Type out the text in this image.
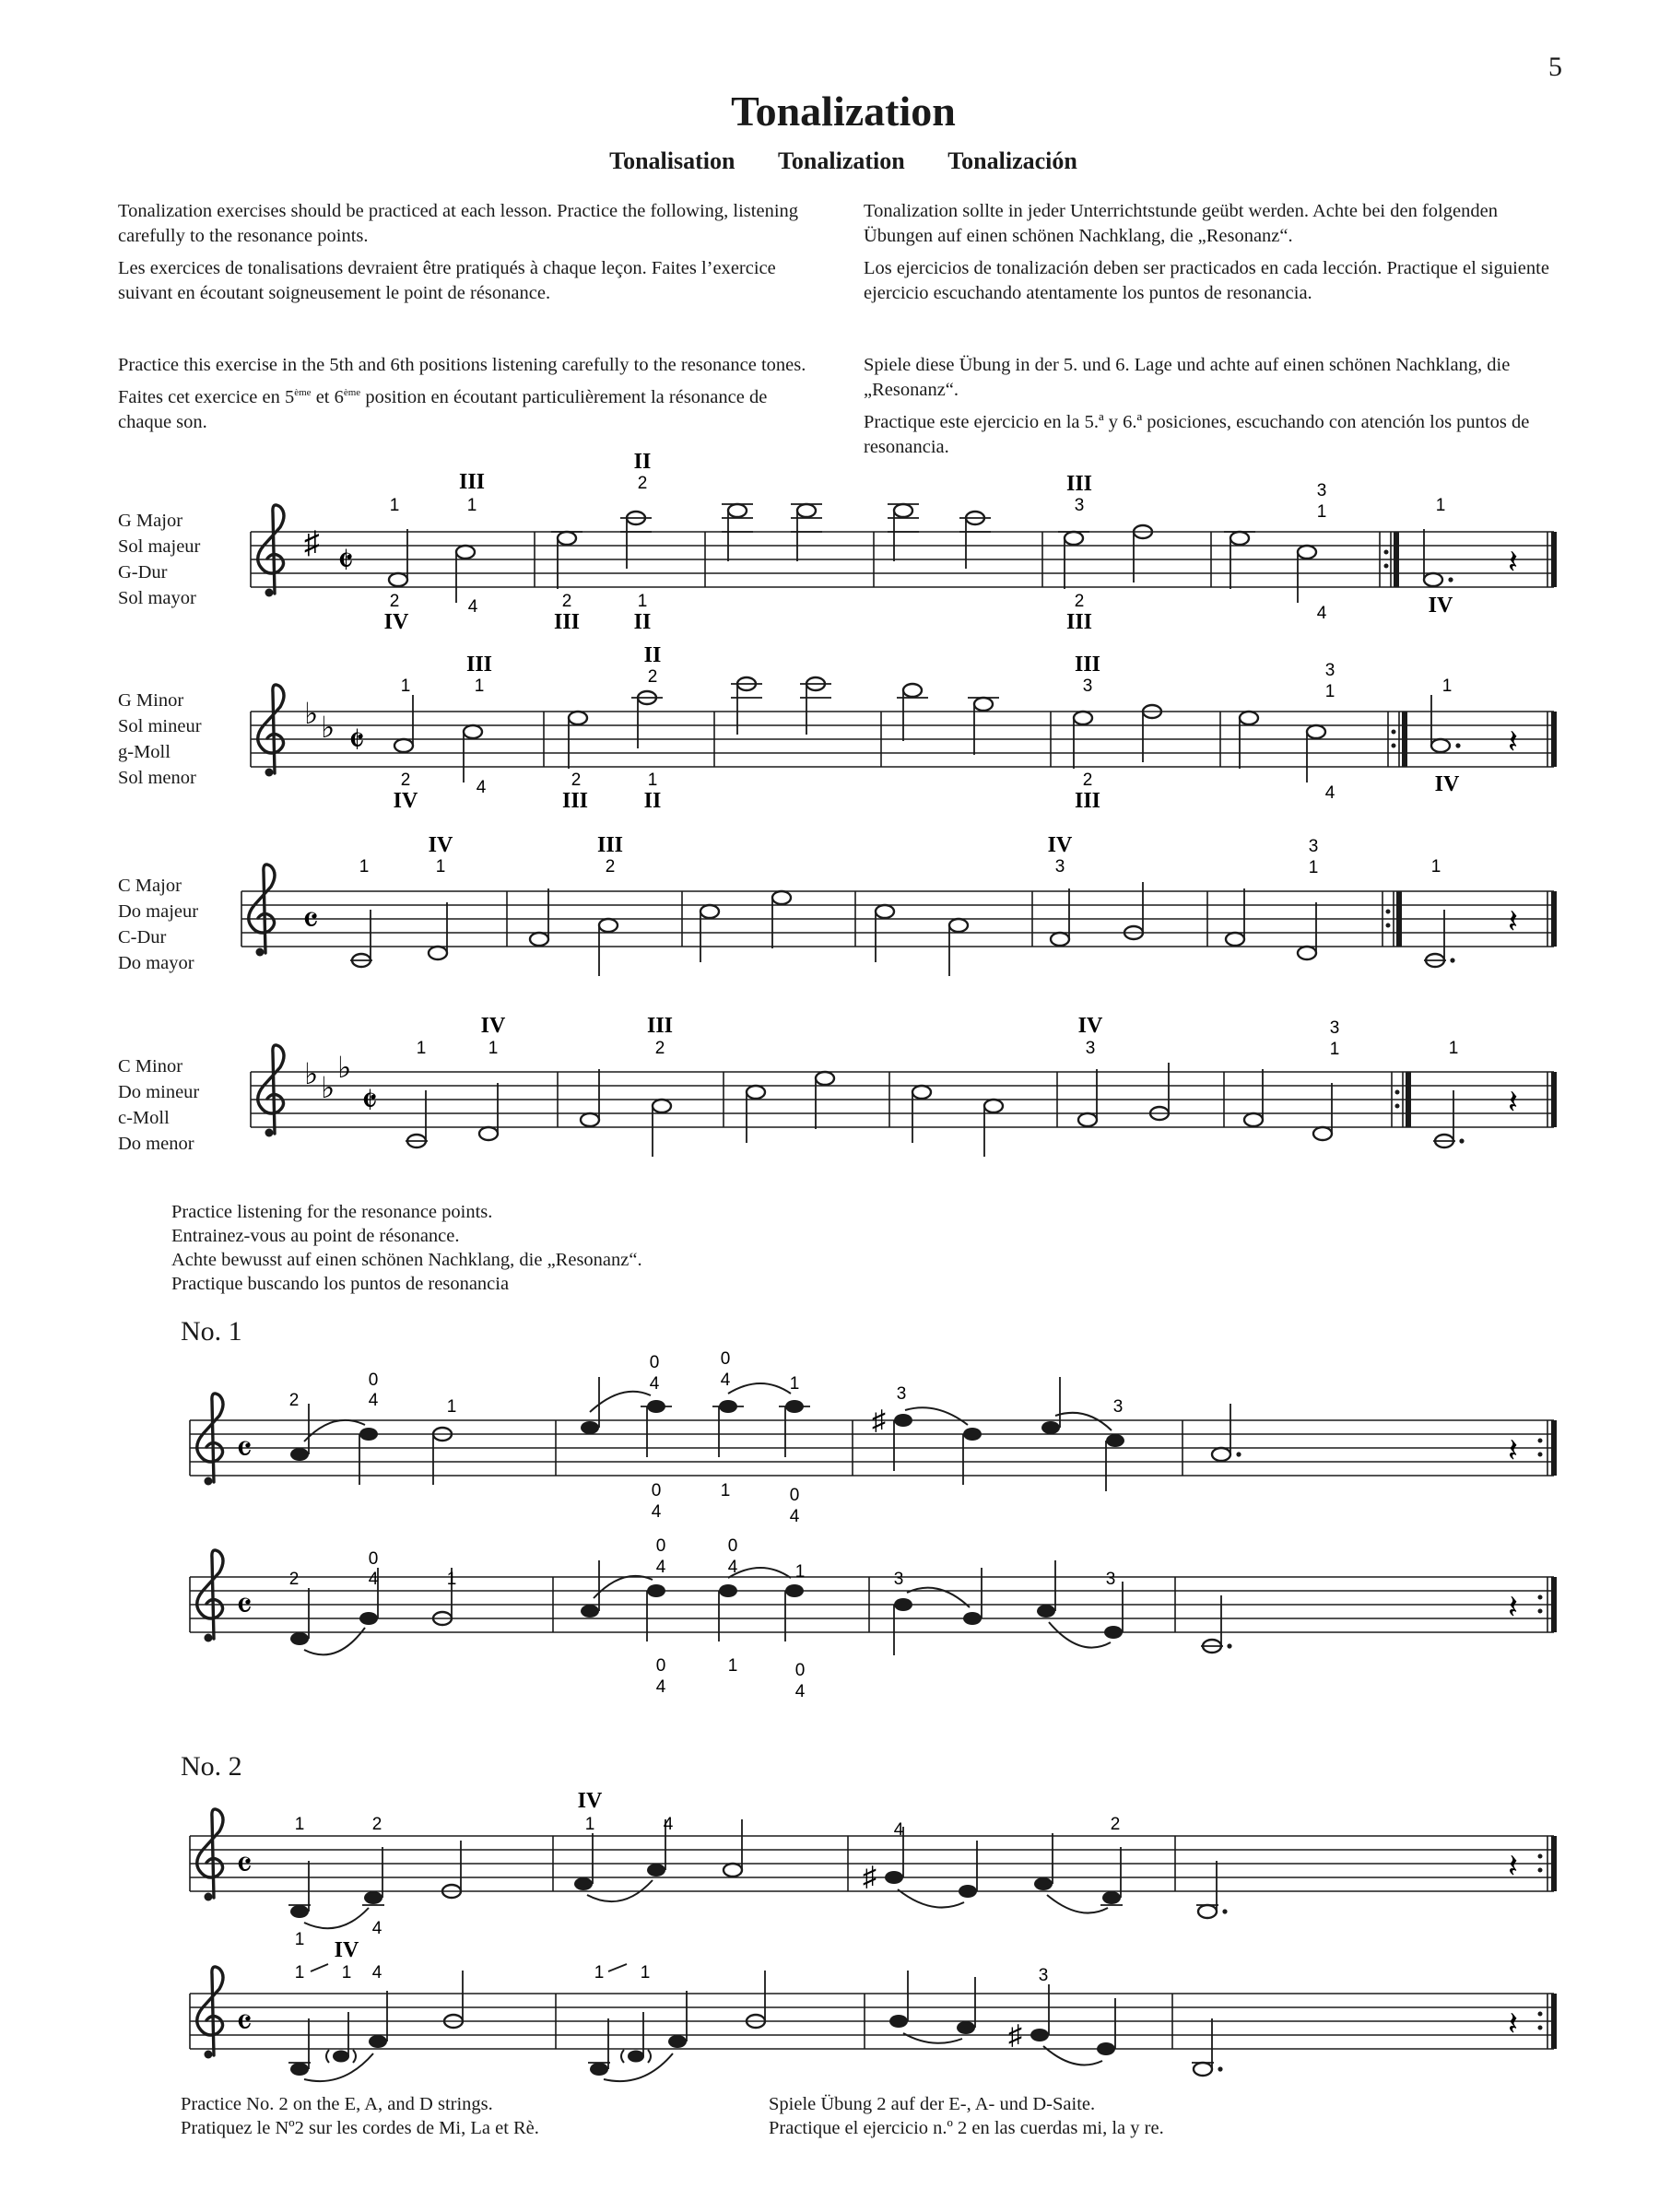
5
Tonalization
Tonalisation Tonalization Tonalización

Tonalization exercises should be practiced at each lesson. Practice the following, listening carefully to the resonance points.

Les exercices de tonalisations devraient être pratiqués à chaque leçon. Faites l’exercice suivant en écoutant soigneusement le point de résonance.

Tonalization sollte in jeder Unterrichtstunde geübt werden. Achte bei den folgenden Übungen auf einen schönen Nachklang, die „Resonanz“.

Los ejercicios de tonalización deben ser practicados en cada lección. Practique el siguiente ejercicio escuchando atentamente los puntos de resonancia.

Practice this exercise in the 5th and 6th positions listening carefully to the resonance tones.

Faites cet exercice en 5ème et 6ème position en écoutant particulièrement la résonance de chaque son.

Spiele diese Übung in der 5. und 6. Lage und achte auf einen schönen Nachklang, die „Resonanz“.

Practique este ejercicio en la 5.ª y 6.ª posiciones, escuchando con atención los puntos de resonancia.

G Major
Sol majeur
G-Dur
Sol mayor
G Minor
Sol mineur
g-Moll
Sol menor
C Major
Do majeur
C-Dur
Do mayor
C Minor
Do mineur
c-Moll
Do menor
Practice listening for the resonance points.
Entrainez-vous au point de résonance.
Achte bewusst auf einen schönen Nachklang, die „Resonanz“.
Practique buscando los puntos de resonancia
No. 1
No. 2
Practice No. 2 on the E, A, and D strings.
Pratiquez le Nº2 sur les cordes de Mi, La et Rè.
Spiele Übung 2 auf der E-, A- und D-Saite.
Practique el ejercicio n.º 2 en las cuerdas mi, la y re.
♯ 𝄵	𝄽
1	1
2	4	2
2
1
3
2
3
1
4
1
III
IV	III
II
II
III
III
IV
♭ ♭ 𝄵	𝄽
1	1
2	4	2
2
1
3
2
3
1
4
1
III
IV	III
II
II
III
III
IV
𝄴	𝄽
1	1	2	3
3
1	1
IV	III	IV
♭ ♭
♭
𝄵	𝄽
1	1	2	3
3
1	1
IV	III	IV
𝄴
♯
𝄽
2
0
4	1
0
4
0
4	1
0
4
1	0
4
3
3
𝄴	𝄽
2
0
4	1
0
4
0
4	1
0
4
1	0
4
3	3
𝄴	♯	𝄽
1	2
1
4
1	4	4	2
IV
𝄴	♯	𝄽
1 1 4	1 1	3
IV
